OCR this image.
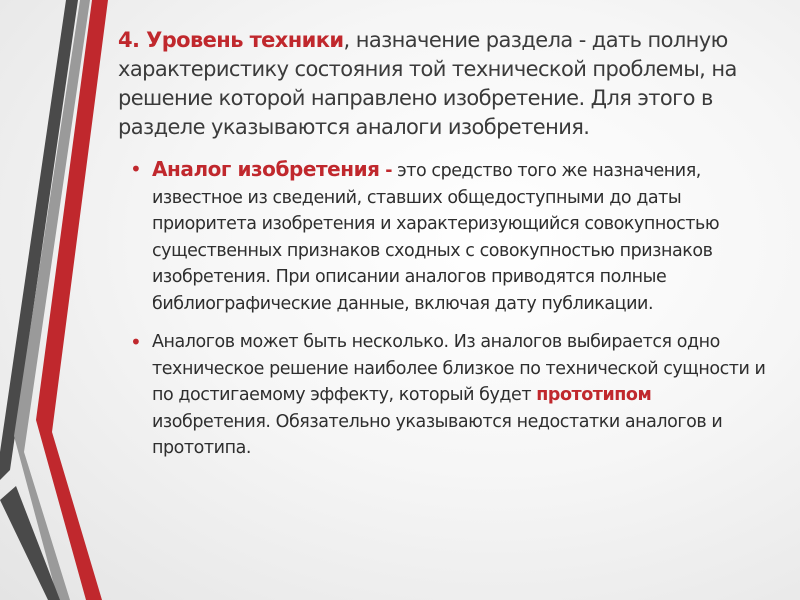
4. Уровень техники, назначение раздела - дать полную характеристику состояния той технической проблемы, на решение которой направлено изобретение. Для этого в разделе указываются аналоги изобретения.

• Аналог изобретения - это средство того же назначения, известное из сведений, ставших общедоступными до даты приоритета изобретения и характеризующийся совокупностью существенных признаков сходных с совокупностью признаков изобретения. При описании аналогов приводятся полные библиографические данные, включая дату публикации.
• Аналогов может быть несколько. Из аналогов выбирается одно техническое решение наиболее близкое по технической сущности и по достигаемому эффекту, который будет прототипом изобретения. Обязательно указываются недостатки аналогов и прототипа.
